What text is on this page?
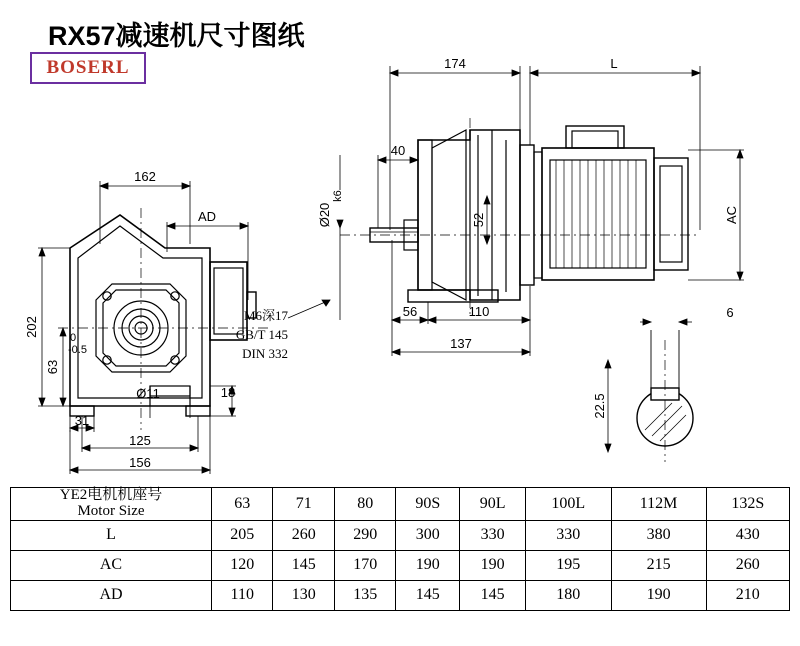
RX57减速机尺寸图纸
BOSERL
162
AD
202
63
0
-0.5
31
125
156
18
Ø11
174	L
40
Ø20
k6
52	AC
56	110
137
M6深17
GB/T 145
DIN 332
6
22.5
YE2电机机座号
Motor Size	63	71	80	90S	90L	100L	112M	132S
L	205	260	290	300	330	330	380	430
AC	120	145	170	190	190	195	215	260
AD	110	130	135	145	145	180	190	210
